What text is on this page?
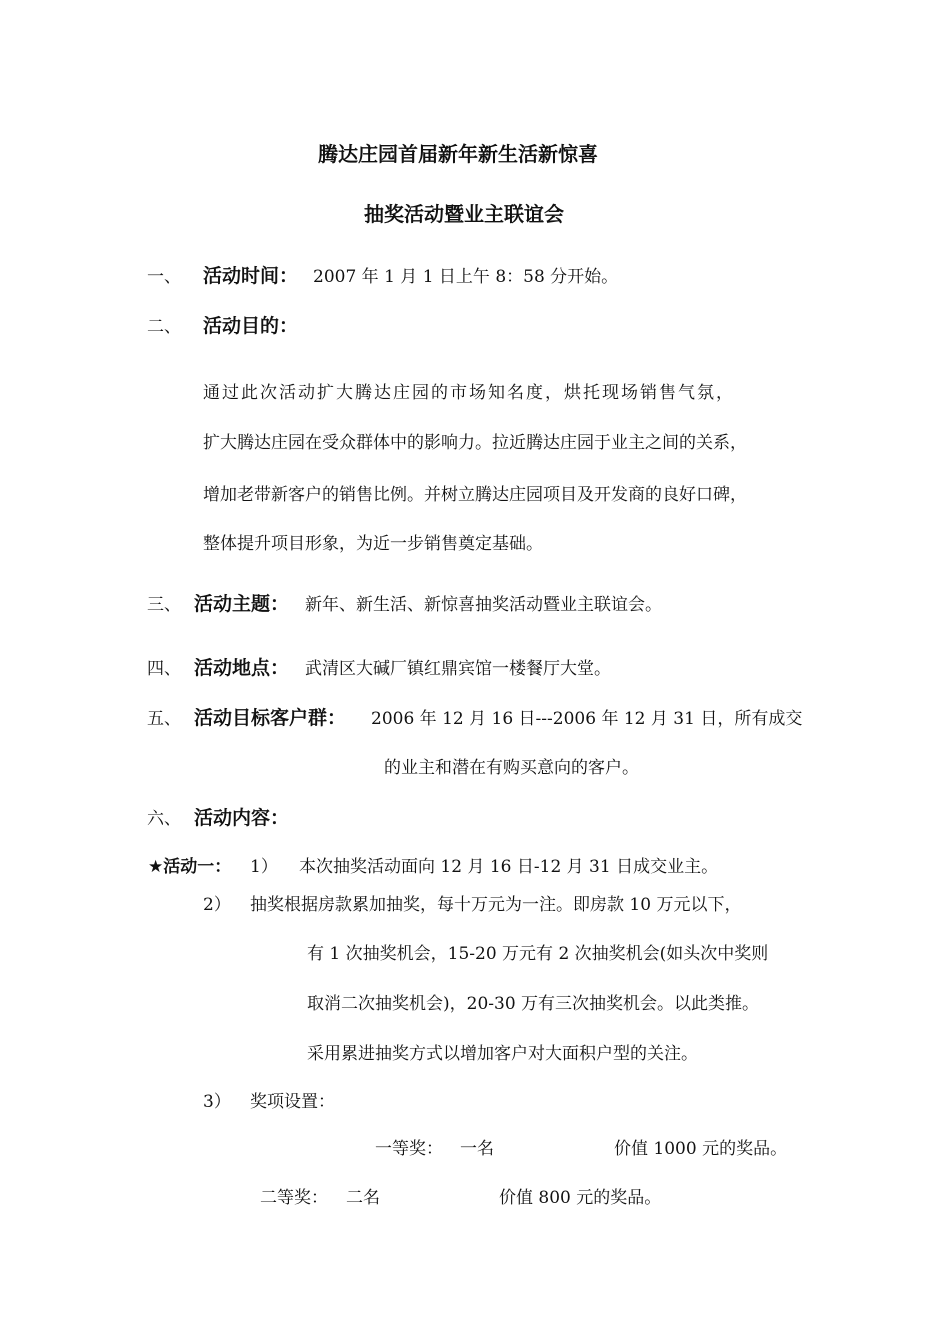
腾达庄园首届新年新生活新惊喜
抽奖活动暨业主联谊会
一、 活动时间： 2007 年 1 月 1 日上午 8：58 分开始。
二、 活动目的：
通过此次活动扩大腾达庄园的市场知名度，烘托现场销售气氛，
扩大腾达庄园在受众群体中的影响力。拉近腾达庄园于业主之间的关系，
增加老带新客户的销售比例。并树立腾达庄园项目及开发商的良好口碑，
整体提升项目形象，为近一步销售奠定基础。
三、 活动主题： 新年、新生活、新惊喜抽奖活动暨业主联谊会。
四、 活动地点： 武清区大碱厂镇红鼎宾馆一楼餐厅大堂。
五、 活动目标客户群： 2006 年 12 月 16 日---2006 年 12 月 31 日，所有成交
的业主和潜在有购买意向的客户。
六、 活动内容：
★活动一： 1） 本次抽奖活动面向 12 月 16 日-12 月 31 日成交业主。
2） 抽奖根据房款累加抽奖，每十万元为一注。即房款 10 万元以下，
有 1 次抽奖机会，15-20 万元有 2 次抽奖机会(如头次中奖则
取消二次抽奖机会)，20-30 万有三次抽奖机会。以此类推。
采用累进抽奖方式以增加客户对大面积户型的关注。
3） 奖项设置：
一等奖： 一名	价值 1000 元的奖品。
二等奖： 二名	价值 800 元的奖品。
